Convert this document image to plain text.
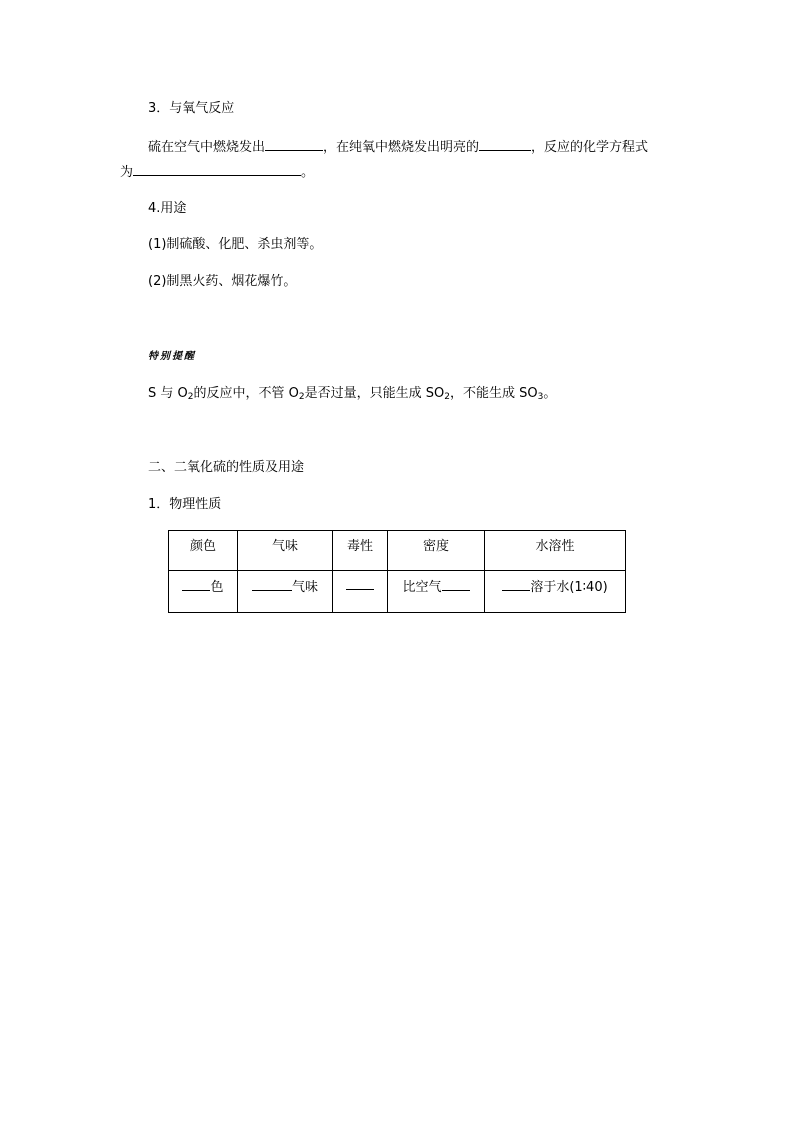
3．与氧气反应
硫在空气中燃烧发出	，在纯氧中燃烧发出明亮的	，反应的化学方程式
为	。
4.用途
(1)制硫酸、化肥、杀虫剂等。
(2)制黑火药、烟花爆竹。
特别提醒
S 与 $O_2$的反应中，不管 $O_2$是否过量，只能生成 $SO_2$，不能生成 $SO_3$。
二、二氧化硫的性质及用途
1．物理性质
颜色	气味	毒性	密度	水溶性
色	气味		比空气	溶于水(1∶40)
